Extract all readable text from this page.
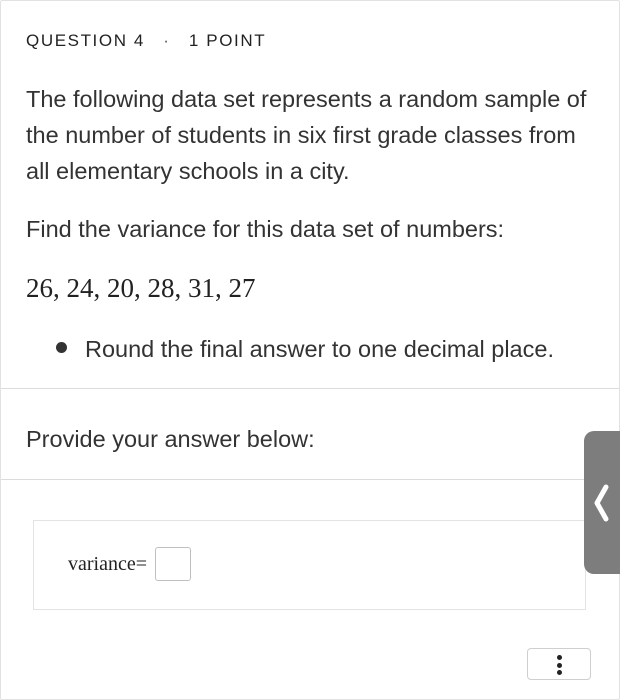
QUESTION 4 · 1 POINT
The following data set represents a random sample of the number of students in six first grade classes from all elementary schools in a city.
Find the variance for this data set of numbers:
26, 24, 20, 28, 31, 27
Round the final answer to one decimal place.
Provide your answer below:
variance=
